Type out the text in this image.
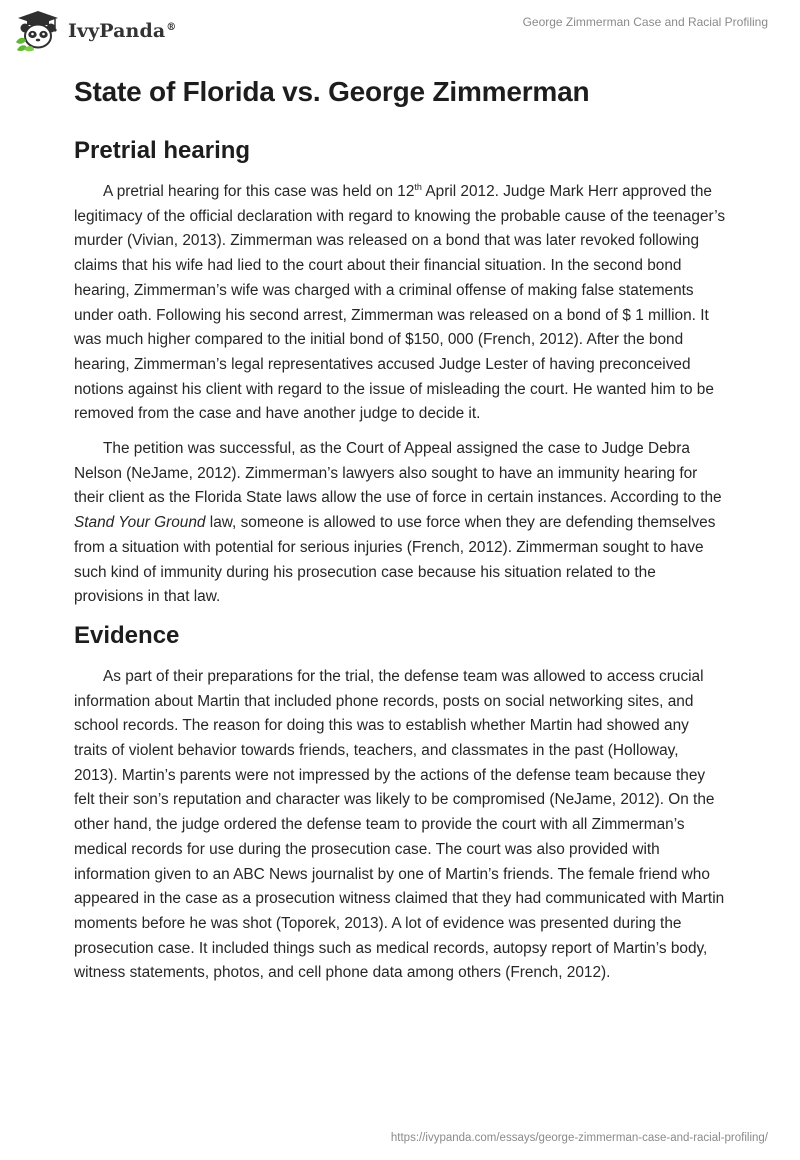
IvyPanda®	George Zimmerman Case and Racial Profiling
State of Florida vs. George Zimmerman
Pretrial hearing

A pretrial hearing for this case was held on 12th April 2012. Judge Mark Herr approved the legitimacy of the official declaration with regard to knowing the probable cause of the teenager’s murder (Vivian, 2013). Zimmerman was released on a bond that was later revoked following claims that his wife had lied to the court about their financial situation. In the second bond hearing, Zimmerman’s wife was charged with a criminal offense of making false statements under oath. Following his second arrest, Zimmerman was released on a bond of $ 1 million. It was much higher compared to the initial bond of $150, 000 (French, 2012). After the bond hearing, Zimmerman’s legal representatives accused Judge Lester of having preconceived notions against his client with regard to the issue of misleading the court. He wanted him to be removed from the case and have another judge to decide it.

The petition was successful, as the Court of Appeal assigned the case to Judge Debra Nelson (NeJame, 2012). Zimmerman’s lawyers also sought to have an immunity hearing for their client as the Florida State laws allow the use of force in certain instances. According to the Stand Your Ground law, someone is allowed to use force when they are defending themselves from a situation with potential for serious injuries (French, 2012). Zimmerman sought to have such kind of immunity during his prosecution case because his situation related to the provisions in that law.

Evidence

As part of their preparations for the trial, the defense team was allowed to access crucial information about Martin that included phone records, posts on social networking sites, and school records. The reason for doing this was to establish whether Martin had showed any traits of violent behavior towards friends, teachers, and classmates in the past (Holloway, 2013). Martin’s parents were not impressed by the actions of the defense team because they felt their son’s reputation and character was likely to be compromised (NeJame, 2012). On the other hand, the judge ordered the defense team to provide the court with all Zimmerman’s medical records for use during the prosecution case. The court was also provided with information given to an ABC News journalist by one of Martin’s friends. The female friend who appeared in the case as a prosecution witness claimed that they had communicated with Martin moments before he was shot (Toporek, 2013). A lot of evidence was presented during the prosecution case. It included things such as medical records, autopsy report of Martin’s body, witness statements, photos, and cell phone data among others (French, 2012).

https://ivypanda.com/essays/george-zimmerman-case-and-racial-profiling/
